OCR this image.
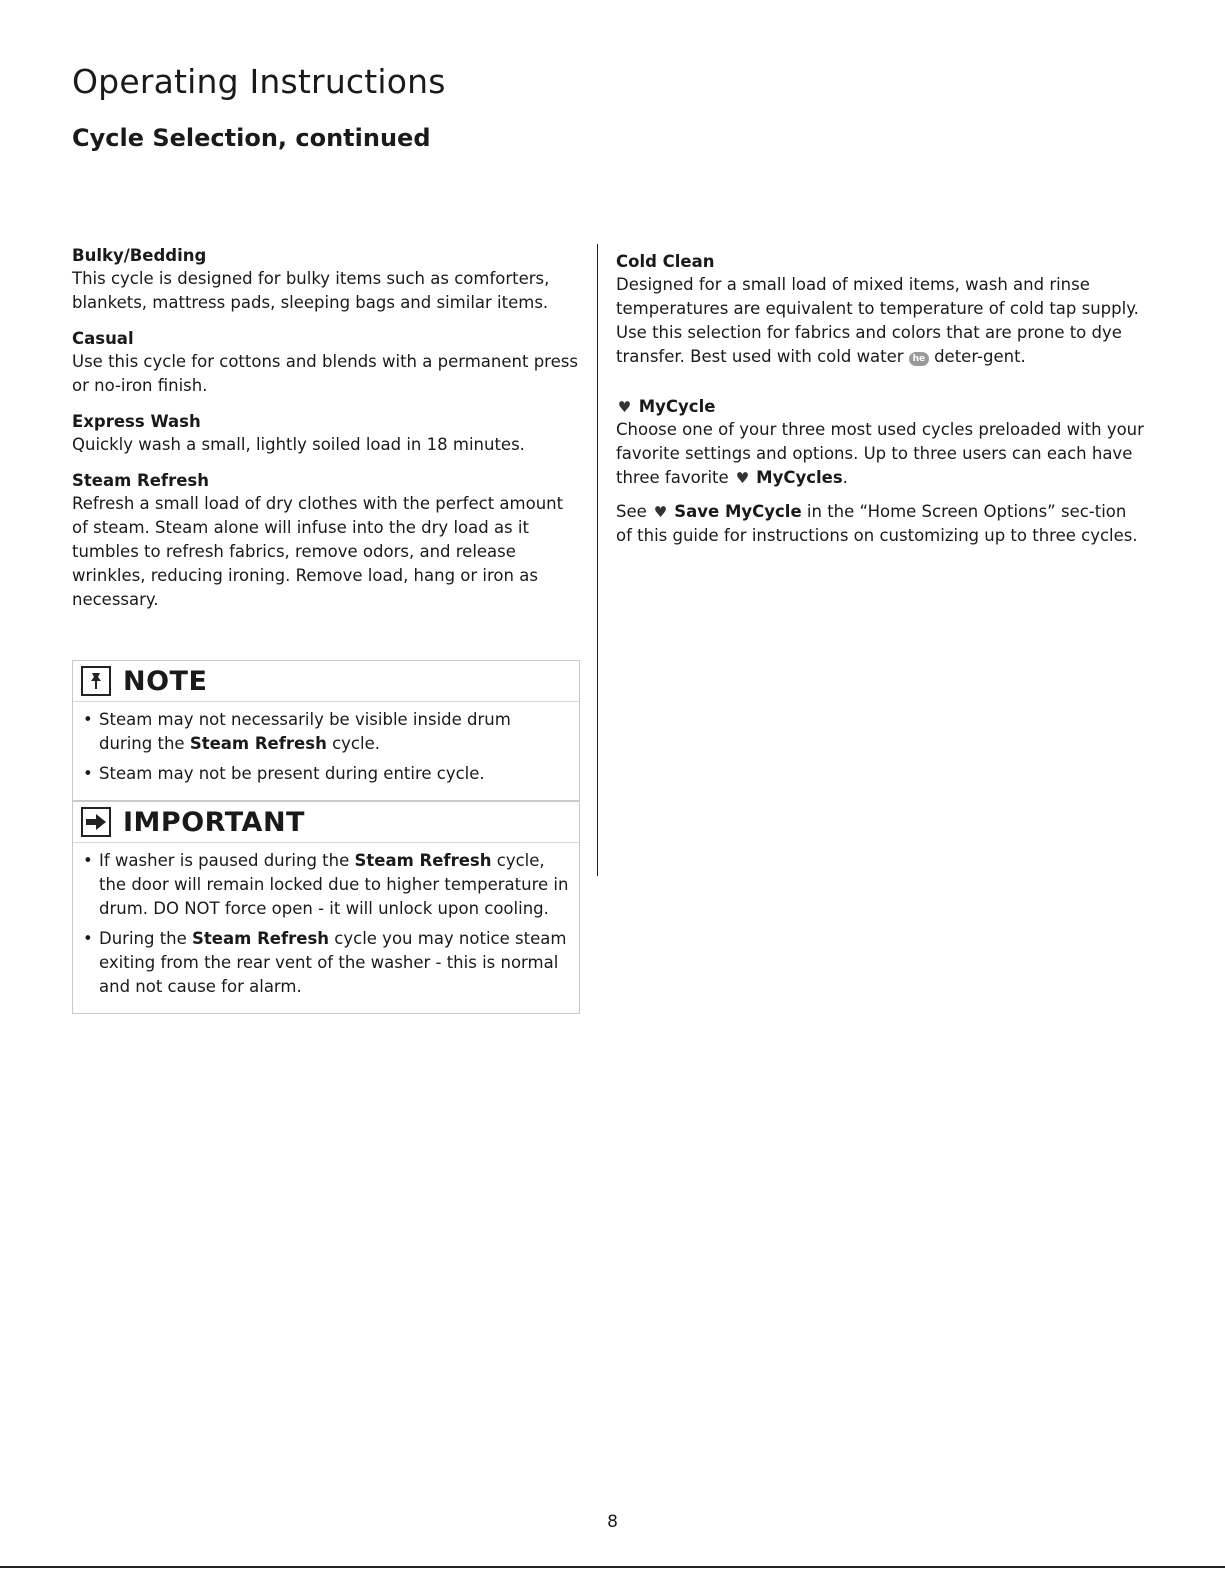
Operating Instructions
Cycle Selection, continued
Bulky/Bedding

This cycle is designed for bulky items such as comforters, blankets, mattress pads, sleeping bags and similar items.

Casual

Use this cycle for cottons and blends with a permanent press or no-iron finish.

Express Wash

Quickly wash a small, lightly soiled load in 18 minutes.

Steam Refresh

Refresh a small load of dry clothes with the perfect amount of steam. Steam alone will infuse into the dry load as it tumbles to refresh fabrics, remove odors, and release wrinkles, reducing ironing. Remove load, hang or iron as necessary.

NOTE
• Steam may not necessarily be visible inside drum during the Steam Refresh cycle.
• Steam may not be present during entire cycle.
IMPORTANT
• If washer is paused during the Steam Refresh cycle, the door will remain locked due to higher temperature in drum. DO NOT force open - it will unlock upon cooling.
• During the Steam Refresh cycle you may notice steam exiting from the rear vent of the washer - this is normal and not cause for alarm.
Cold Clean

Designed for a small load of mixed items, wash and rinse temperatures are equivalent to temperature of cold tap supply. Use this selection for fabrics and colors that are prone to dye transfer. Best used with cold water he deter-gent.

♥ MyCycle

Choose one of your three most used cycles preloaded with your favorite settings and options. Up to three users can each have three favorite ♥ MyCycles.

See ♥ Save MyCycle in the “Home Screen Options” sec-tion of this guide for instructions on customizing up to three cycles.

8
